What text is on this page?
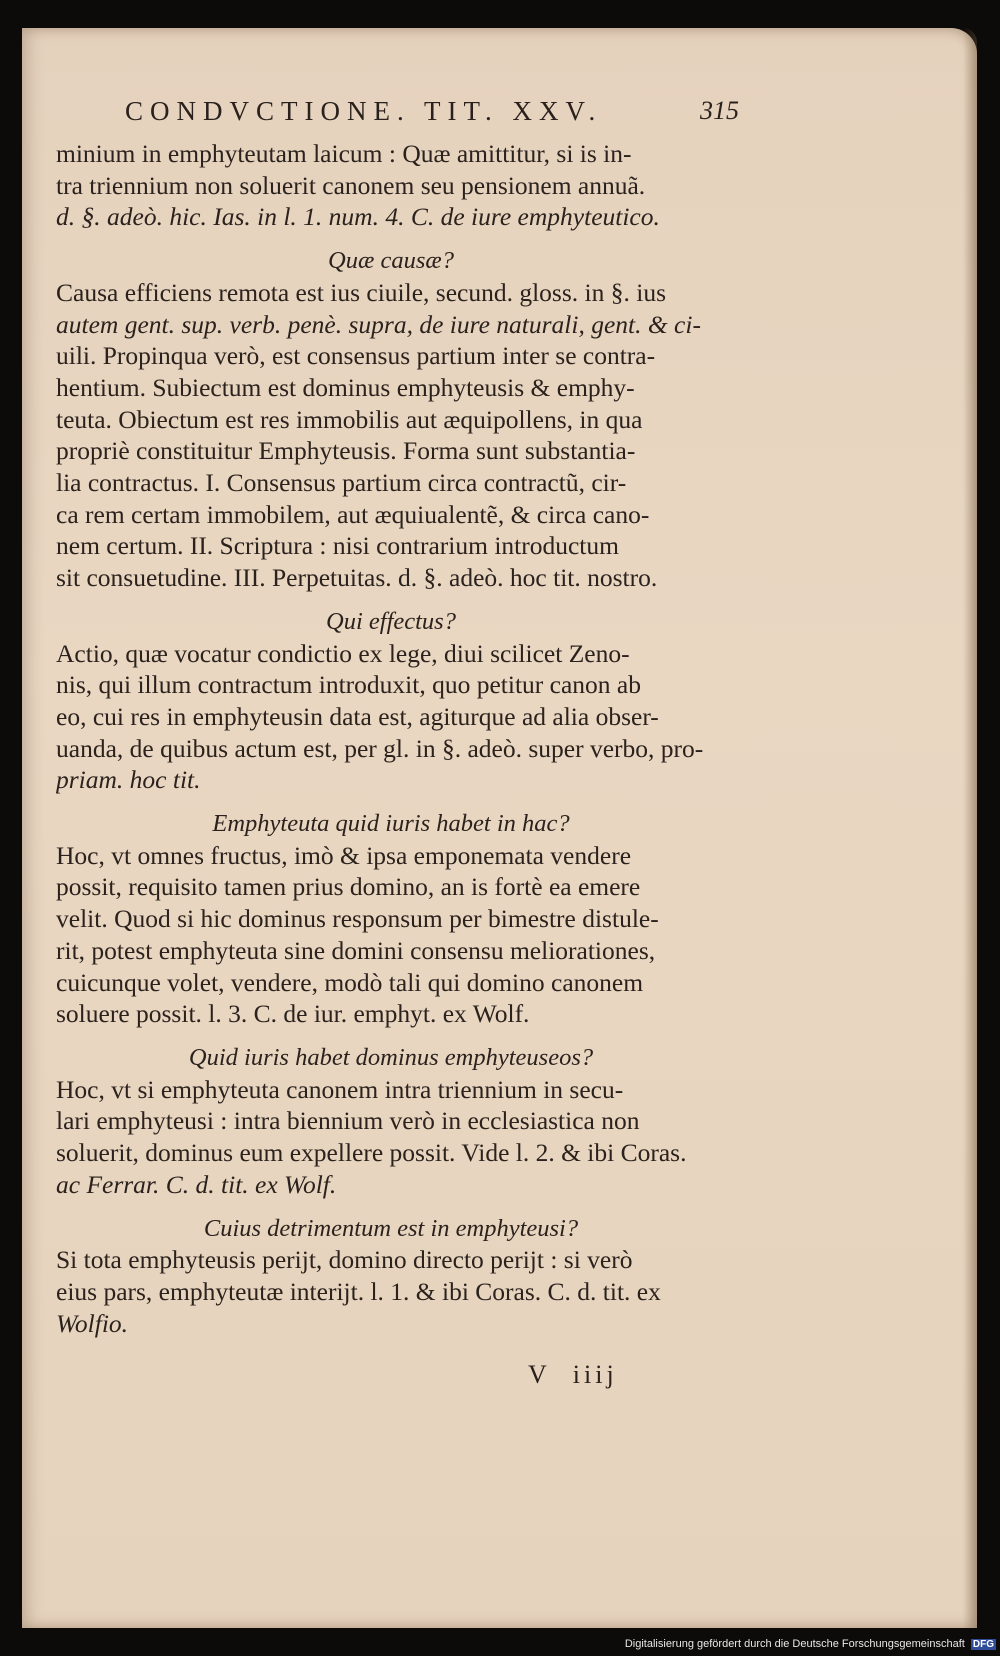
CONDVCTIONE. TIT. XXV.	315
minium in emphyteutam laicum : Quæ amittitur, si is in-
tra triennium non soluerit canonem seu pensionem annuã.
d. §. adeò. hic. Ias. in l. 1. num. 4. C. de iure emphyteutico.
Quæ causæ?
Causa efficiens remota est ius ciuile, secund. gloss. in §. ius
autem gent. sup. verb. penè. supra, de iure naturali, gent. & ci-
uili. Propinqua verò, est consensus partium inter se contra-
hentium. Subiectum est dominus emphyteusis & emphy-
teuta. Obiectum est res immobilis aut æquipollens, in qua
propriè constituitur Emphyteusis. Forma sunt substantia-
lia contractus. I. Consensus partium circa contractũ, cir-
ca rem certam immobilem, aut æquiualentẽ, & circa cano-
nem certum. II. Scriptura : nisi contrarium introductum
sit consuetudine. III. Perpetuitas. d. §. adeò. hoc tit. nostro.
Qui effectus?
Actio, quæ vocatur condictio ex lege, diui scilicet Zeno-
nis, qui illum contractum introduxit, quo petitur canon ab
eo, cui res in emphyteusin data est, agiturque ad alia obser-
uanda, de quibus actum est, per gl. in §. adeò. super verbo, pro-
priam. hoc tit.
Emphyteuta quid iuris habet in hac?
Hoc, vt omnes fructus, imò & ipsa emponemata vendere
possit, requisito tamen prius domino, an is fortè ea emere
velit. Quod si hic dominus responsum per bimestre distule-
rit, potest emphyteuta sine domini consensu meliorationes,
cuicunque volet, vendere, modò tali qui domino canonem
soluere possit. l. 3. C. de iur. emphyt. ex Wolf.
Quid iuris habet dominus emphyteuseos?
Hoc, vt si emphyteuta canonem intra triennium in secu-
lari emphyteusi : intra biennium verò in ecclesiastica non
soluerit, dominus eum expellere possit. Vide l. 2. & ibi Coras.
ac Ferrar. C. d. tit. ex Wolf.
Cuius detrimentum est in emphyteusi?
Si tota emphyteusis perijt, domino directo perijt : si verò
eius pars, emphyteutæ interijt. l. 1. & ibi Coras. C. d. tit. ex
Wolfio.
V iiij
Digitalisierung gefördert durch die Deutsche Forschungsgemeinschaft DFG
